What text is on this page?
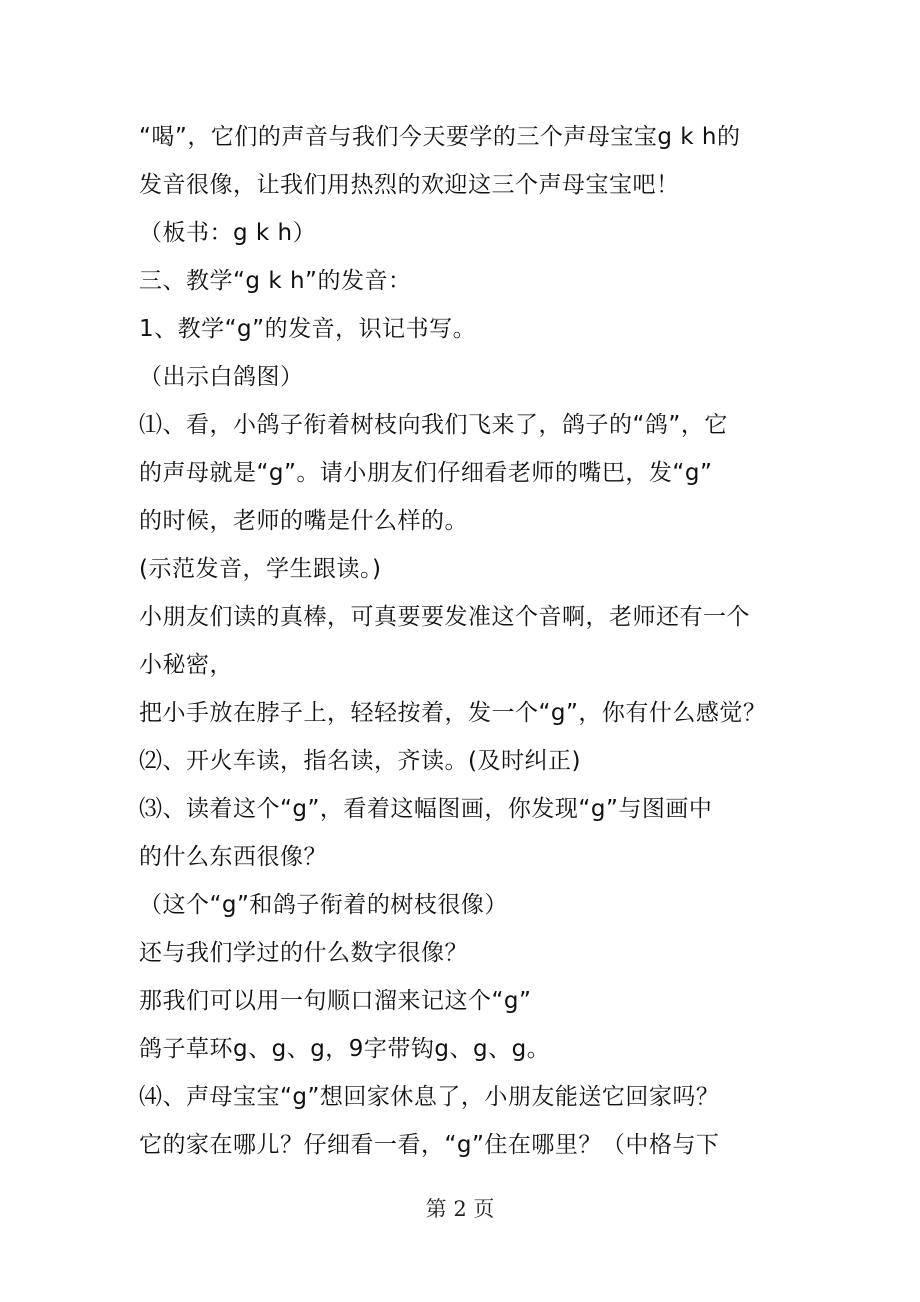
“喝”，它们的声音与我们今天要学的三个声母宝宝g k h的
发音很像，让我们用热烈的欢迎这三个声母宝宝吧！
（板书：g k h）
三、教学“g k h”的发音：
1、教学“g”的发音，识记书写。
（出示白鸽图）
⑴、看，小鸽子衔着树枝向我们飞来了，鸽子的“鸽”，它
的声母就是“g”。请小朋友们仔细看老师的嘴巴，发“g”
的时候，老师的嘴是什么样的。
(示范发音，学生跟读。)
小朋友们读的真棒，可真要要发准这个音啊，老师还有一个
小秘密，
把小手放在脖子上，轻轻按着，发一个“g”，你有什么感觉？
⑵、开火车读，指名读，齐读。(及时纠正)
⑶、读着这个“g”，看着这幅图画，你发现“g”与图画中
的什么东西很像？
（这个“g”和鸽子衔着的树枝很像）
还与我们学过的什么数字很像？
那我们可以用一句顺口溜来记这个“g”
鸽子草环g、g、g，9字带钩g、g、g。
⑷、声母宝宝“g”想回家休息了，小朋友能送它回家吗？
它的家在哪儿？仔细看一看，“g”住在哪里？（中格与下
第 2 页
